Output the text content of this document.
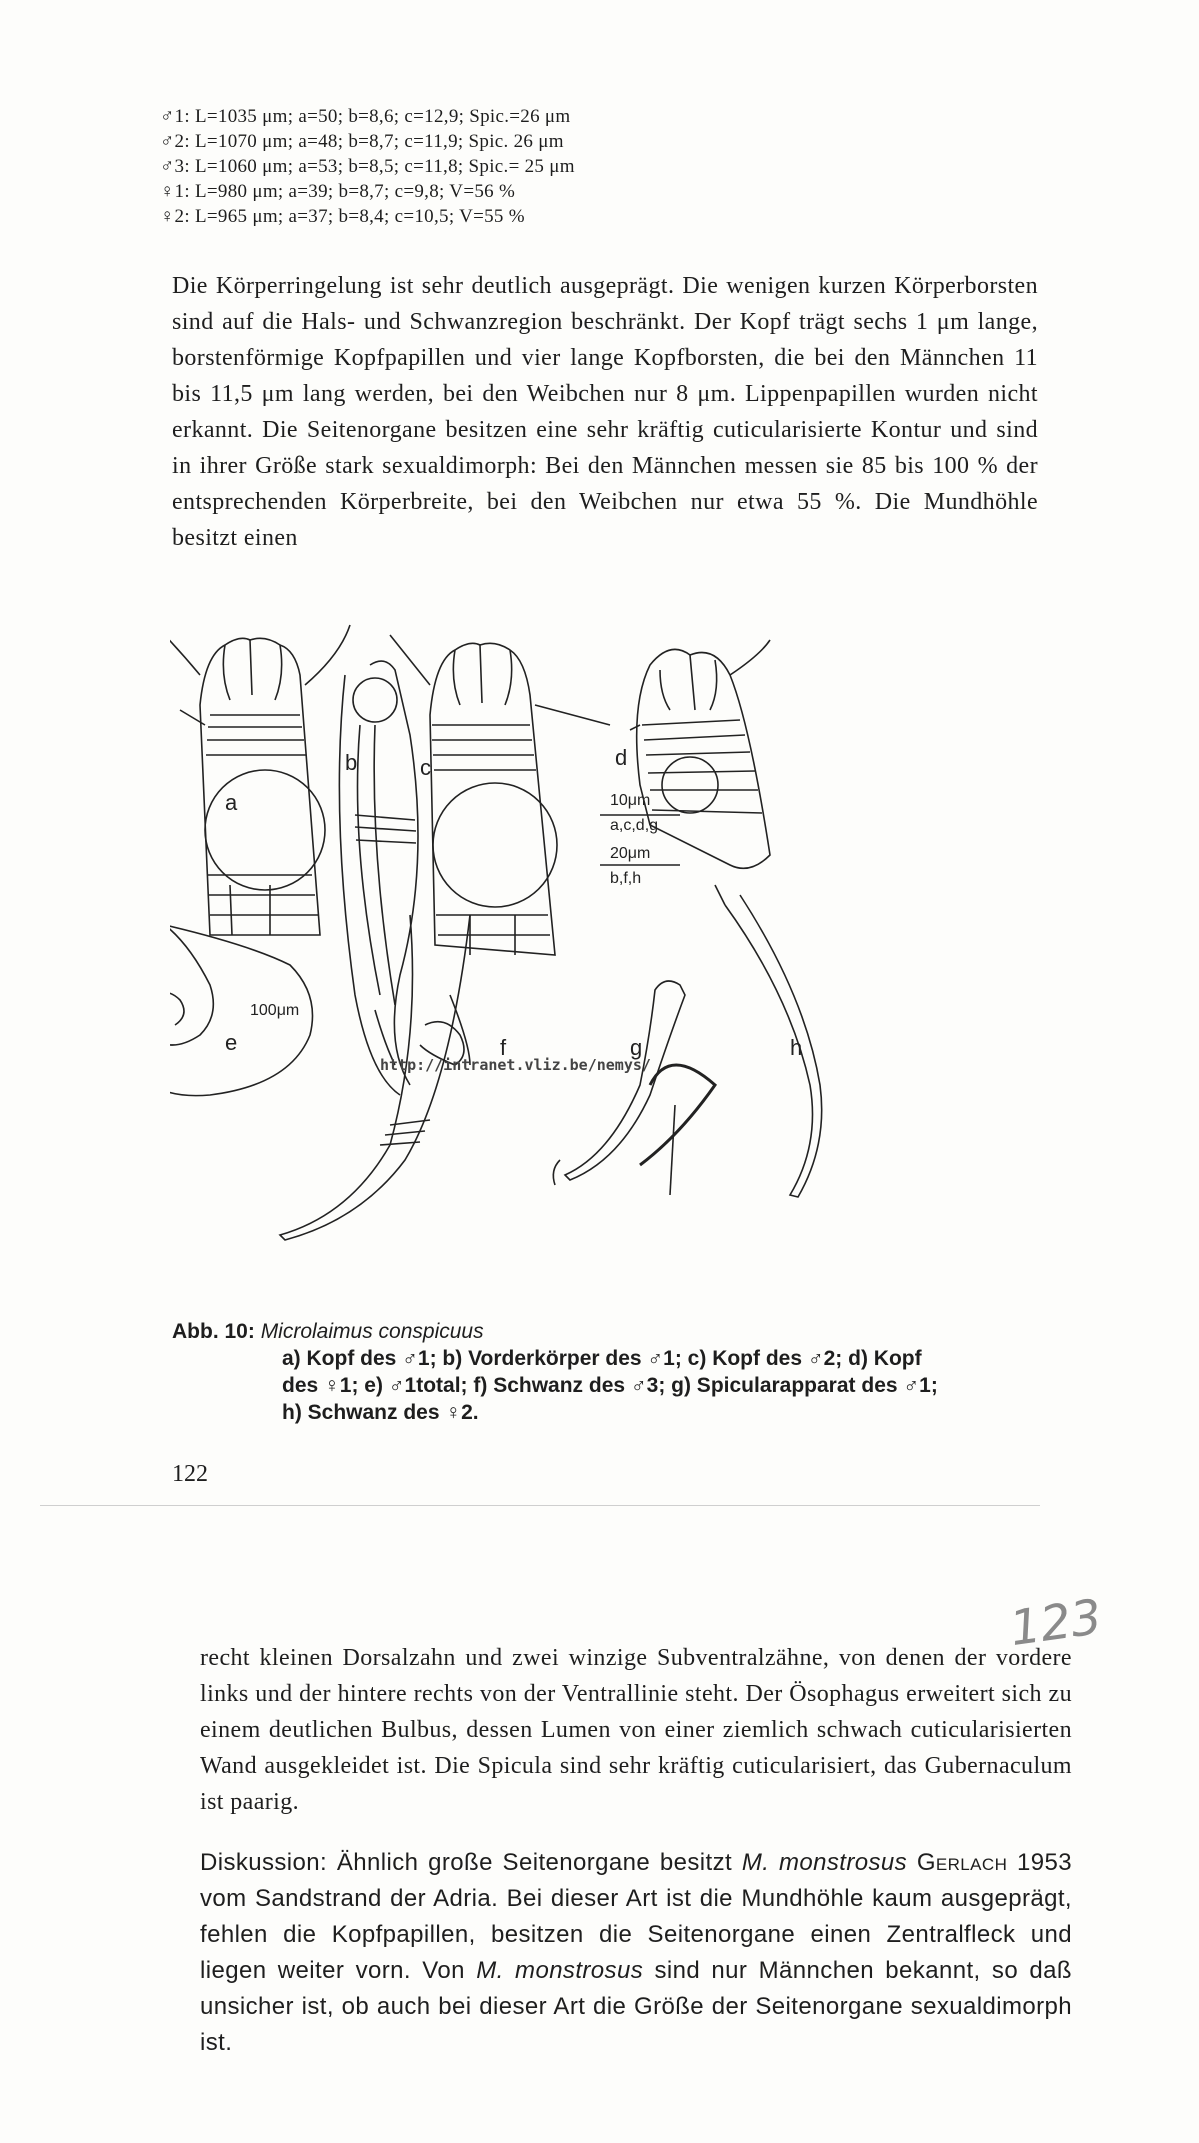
♂1: L=1035 μm; a=50; b=8,6; c=12,9; Spic.=26 μm
♂2: L=1070 μm; a=48; b=8,7; c=11,9; Spic. 26 μm
♂3: L=1060 μm; a=53; b=8,5; c=11,8; Spic.= 25 μm
♀1: L=980 μm; a=39; b=8,7; c=9,8; V=56 %
♀2: L=965 μm; a=37; b=8,4; c=10,5; V=55 %

Die Körperringelung ist sehr deutlich ausgeprägt. Die wenigen kurzen Körperborsten sind auf die Hals- und Schwanzregion beschränkt. Der Kopf trägt sechs 1 μm lange, borstenförmige Kopfpapillen und vier lange Kopfborsten, die bei den Männchen 11 bis 11,5 μm lang werden, bei den Weibchen nur 8 μm. Lippenpapillen wurden nicht erkannt. Die Seitenorgane besitzen eine sehr kräftig cuticularisierte Kontur und sind in ihrer Größe stark sexualdimorph: Bei den Männchen messen sie 85 bis 100 % der entsprechenden Körperbreite, bei den Weibchen nur etwa 55 %. Die Mundhöhle besitzt einen

a
b	c	d
e	f	g	h
10μm
a,c,d,g
20μm
b,f,h
100μm
http://intranet.vliz.be/nemys/
Abb. 10: Microlaimus conspicuus
a) Kopf des ♂1; b) Vorderkörper des ♂1; c) Kopf des ♂2; d) Kopf
des ♀1; e) ♂1total; f) Schwanz des ♂3; g) Spicularapparat des ♂1;
h) Schwanz des ♀2.
122
123

recht kleinen Dorsalzahn und zwei winzige Subventralzähne, von denen der vordere links und der hintere rechts von der Ventrallinie steht. Der Ösophagus erweitert sich zu einem deutlichen Bulbus, dessen Lumen von einer ziemlich schwach cuticularisierten Wand ausgekleidet ist. Die Spicula sind sehr kräftig cuticularisiert, das Gubernaculum ist paarig.

Diskussion: Ähnlich große Seitenorgane besitzt M. monstrosus Gerlach 1953 vom Sandstrand der Adria. Bei dieser Art ist die Mundhöhle kaum ausgeprägt, fehlen die Kopfpapillen, besitzen die Seitenorgane einen Zentralfleck und liegen weiter vorn. Von M. monstrosus sind nur Männchen bekannt, so daß unsicher ist, ob auch bei dieser Art die Größe der Seitenorgane sexualdimorph ist.
